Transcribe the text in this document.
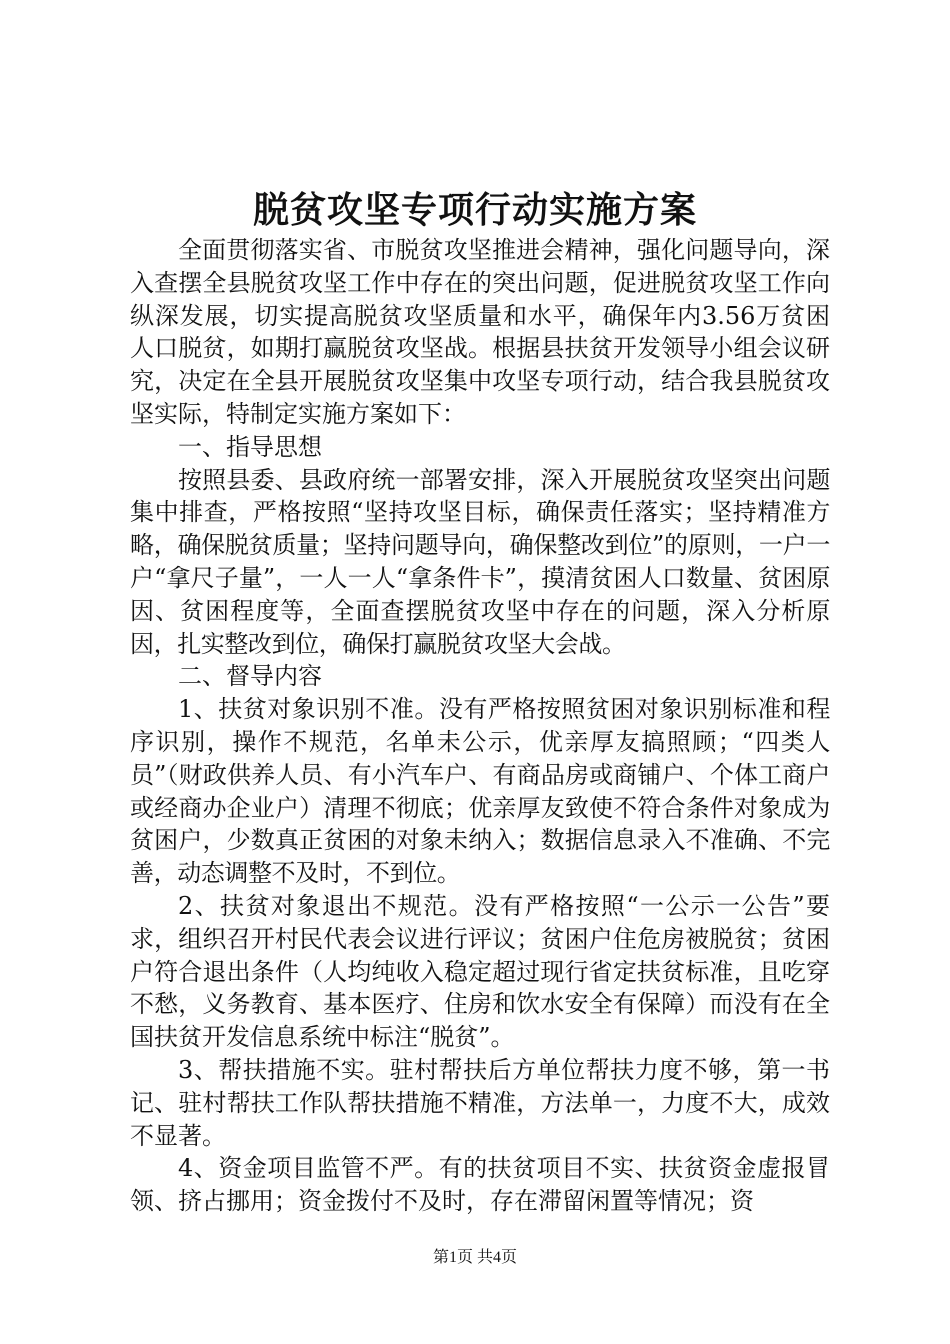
脱贫攻坚专项行动实施方案

全面贯彻落实省、市脱贫攻坚推进会精神，强化问题导向，深入查摆全县脱贫攻坚工作中存在的突出问题，促进脱贫攻坚工作向纵深发展，切实提高脱贫攻坚质量和水平，确保年内3.56万贫困人口脱贫，如期打赢脱贫攻坚战。根据县扶贫开发领导小组会议研究，决定在全县开展脱贫攻坚集中攻坚专项行动，结合我县脱贫攻坚实际，特制定实施方案如下：

一、指导思想

按照县委、县政府统一部署安排，深入开展脱贫攻坚突出问题集中排查，严格按照“坚持攻坚目标，确保责任落实；坚持精准方略，确保脱贫质量；坚持问题导向，确保整改到位”的原则，一户一户“拿尺子量”，一人一人“拿条件卡”，摸清贫困人口数量、贫困原因、贫困程度等，全面查摆脱贫攻坚中存在的问题，深入分析原因，扎实整改到位，确保打赢脱贫攻坚大会战。

二、督导内容

1、扶贫对象识别不准。没有严格按照贫困对象识别标准和程序识别，操作不规范，名单未公示，优亲厚友搞照顾；“四类人员”（财政供养人员、有小汽车户、有商品房或商铺户、个体工商户或经商办企业户）清理不彻底；优亲厚友致使不符合条件对象成为贫困户，少数真正贫困的对象未纳入；数据信息录入不准确、不完善，动态调整不及时，不到位。

2、扶贫对象退出不规范。没有严格按照“一公示一公告”要求，组织召开村民代表会议进行评议；贫困户住危房被脱贫；贫困户符合退出条件（人均纯收入稳定超过现行省定扶贫标准，且吃穿不愁，义务教育、基本医疗、住房和饮水安全有保障）而没有在全国扶贫开发信息系统中标注“脱贫”。

3、帮扶措施不实。驻村帮扶后方单位帮扶力度不够，第一书记、驻村帮扶工作队帮扶措施不精准，方法单一，力度不大，成效不显著。

4、资金项目监管不严。有的扶贫项目不实、扶贫资金虚报冒领、挤占挪用；资金拨付不及时，存在滞留闲置等情况；资

第1页 共4页
